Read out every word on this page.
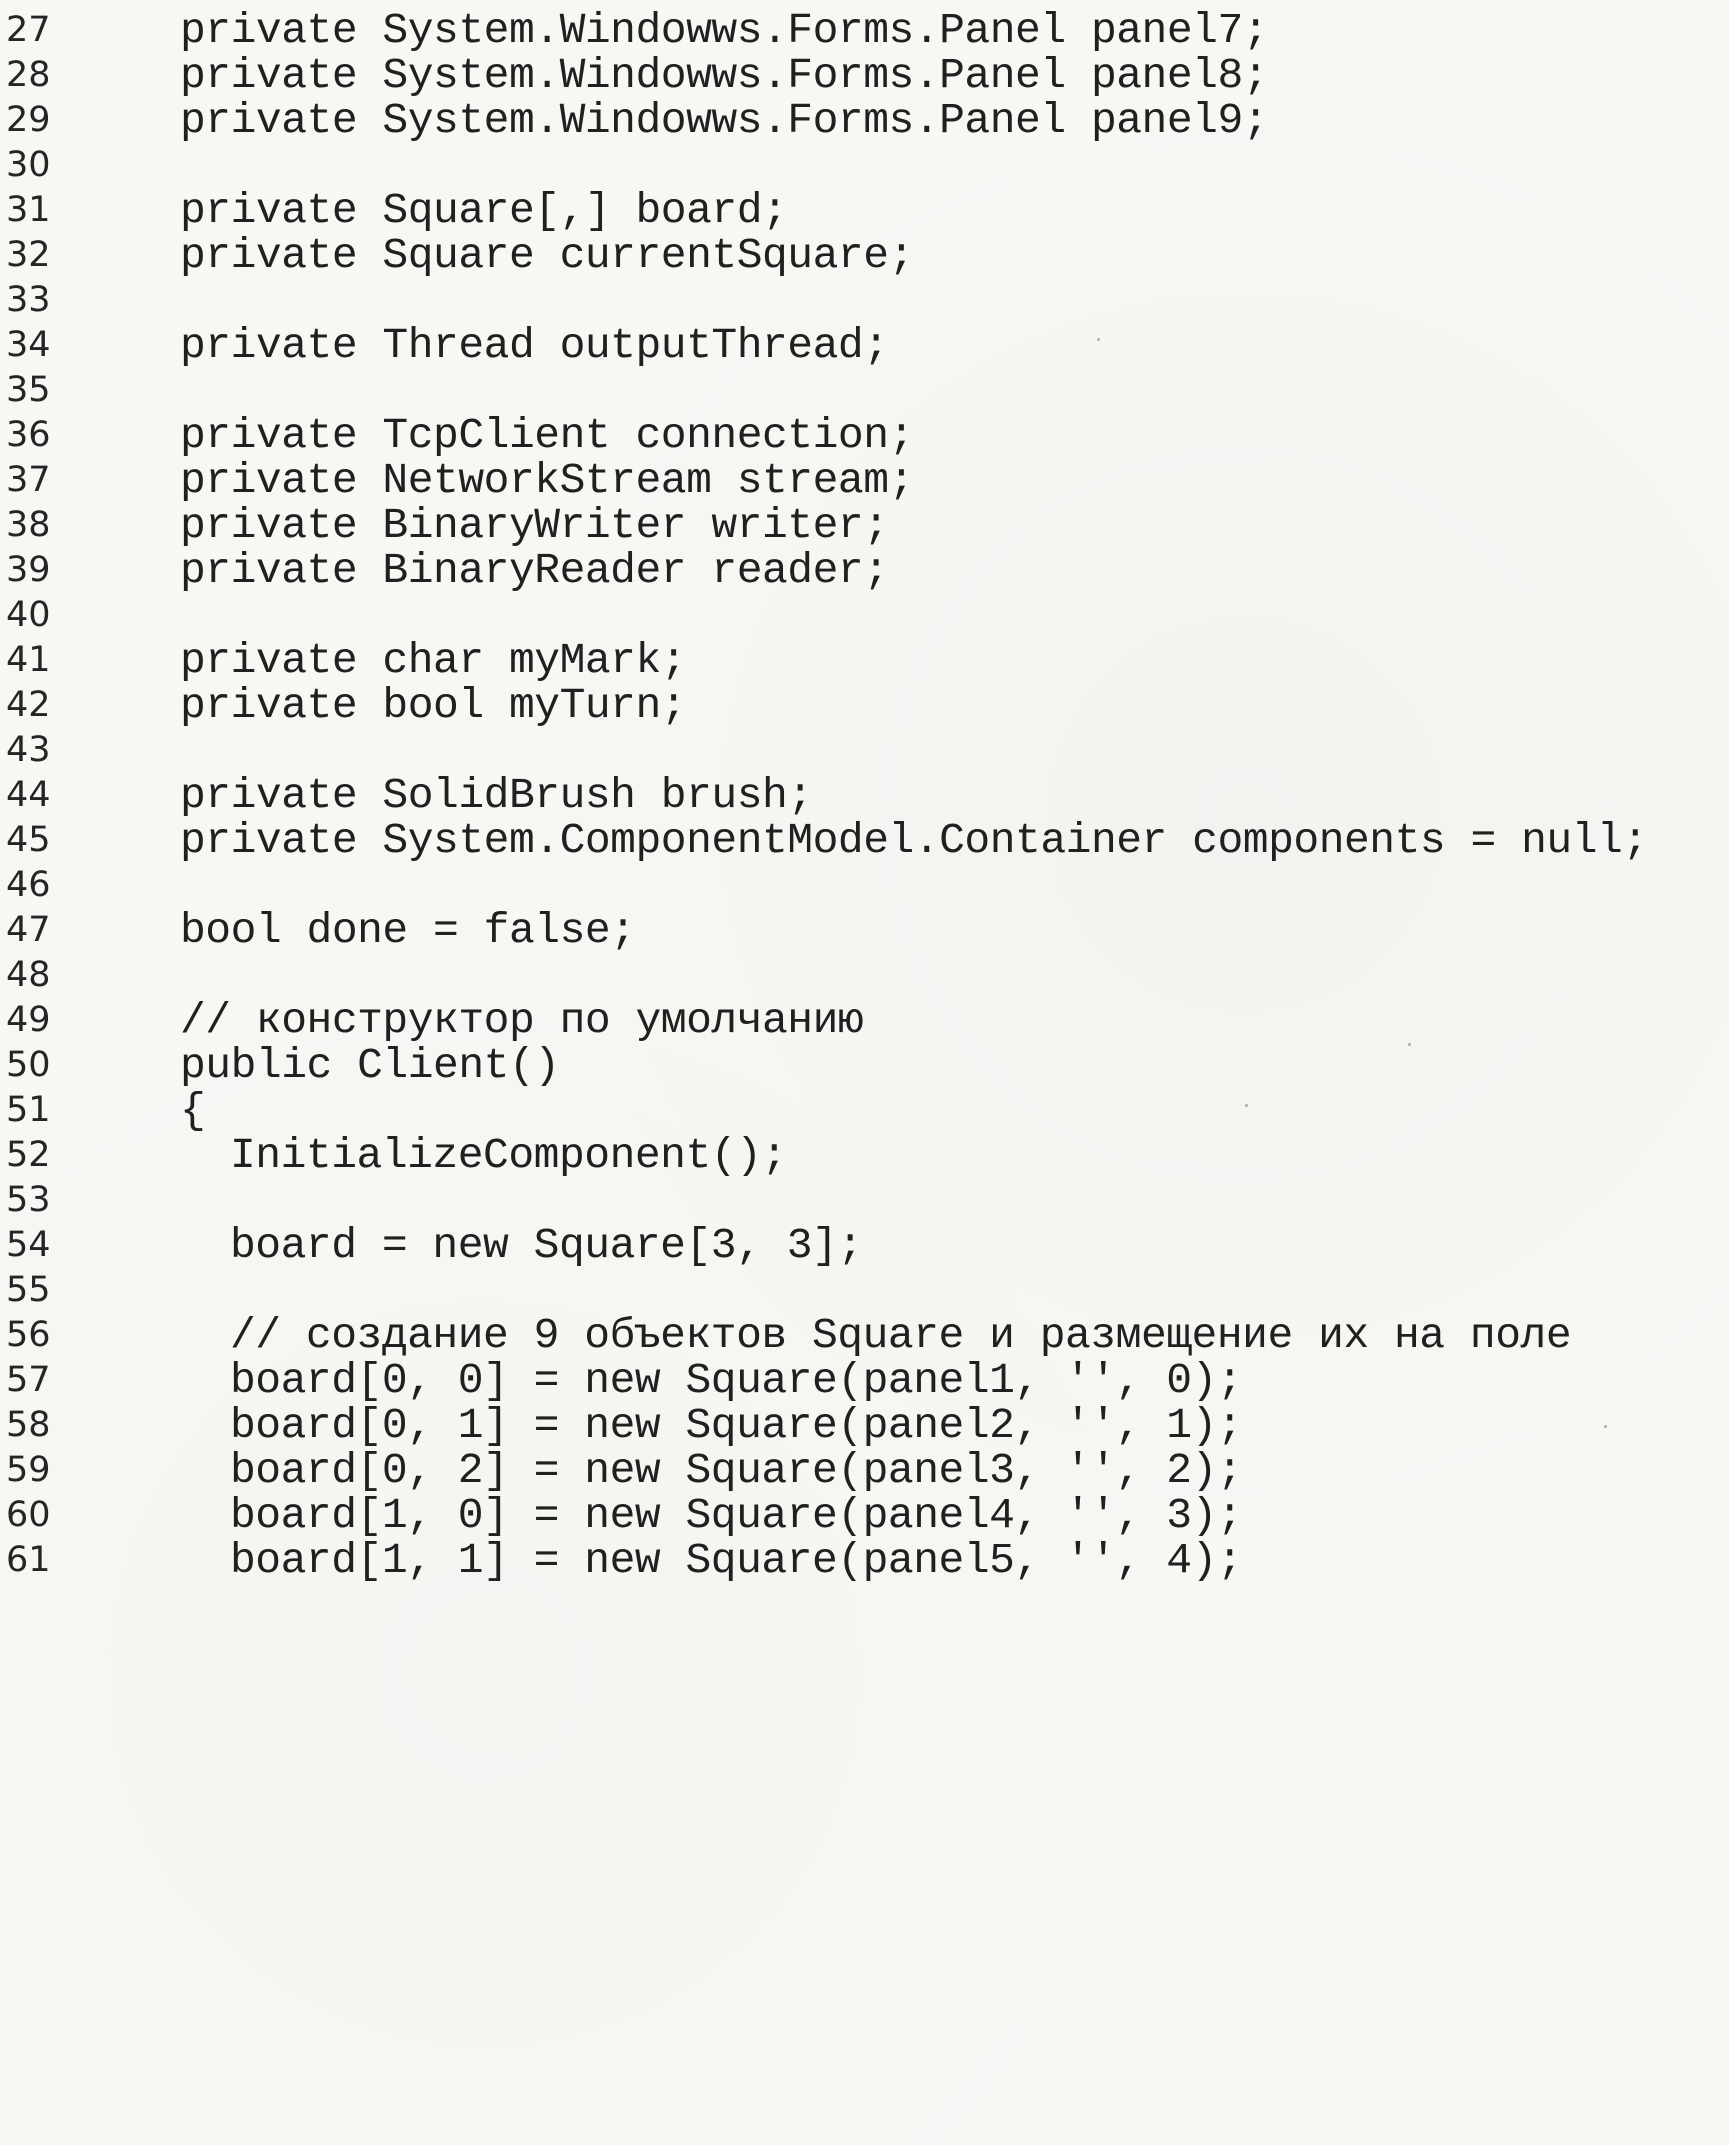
27

	private System.Windowws.Forms.Panel panel7;

28

	private System.Windowws.Forms.Panel panel8;

29

	private System.Windowws.Forms.Panel panel9;

30

31

	private Square[,] board;

32

	private Square currentSquare;

33

34

	private Thread outputThread;

35

36

	private TcpClient connection;

37

	private NetworkStream stream;

38

	private BinaryWriter writer;

39

	private BinaryReader reader;

40

41

	private char myMark;

42

	private bool myTurn;

43

44

	private SolidBrush brush;

45

	private System.ComponentModel.Container components = null;

46

47

	bool done = false;

48

49

	// конструктор по умолчанию

50

	public Client()

51

	{

52

	InitializeComponent();

53

54

	board = new Square[3, 3];

55

56

	// создание 9 объектов Square и размещение их на поле

57

	board[0, 0] = new Square(panel1, '', 0);

58

	board[0, 1] = new Square(panel2, '', 1);

59

	board[0, 2] = new Square(panel3, '', 2);

60

	board[1, 0] = new Square(panel4, '', 3);

61

	board[1, 1] = new Square(panel5, '', 4);
